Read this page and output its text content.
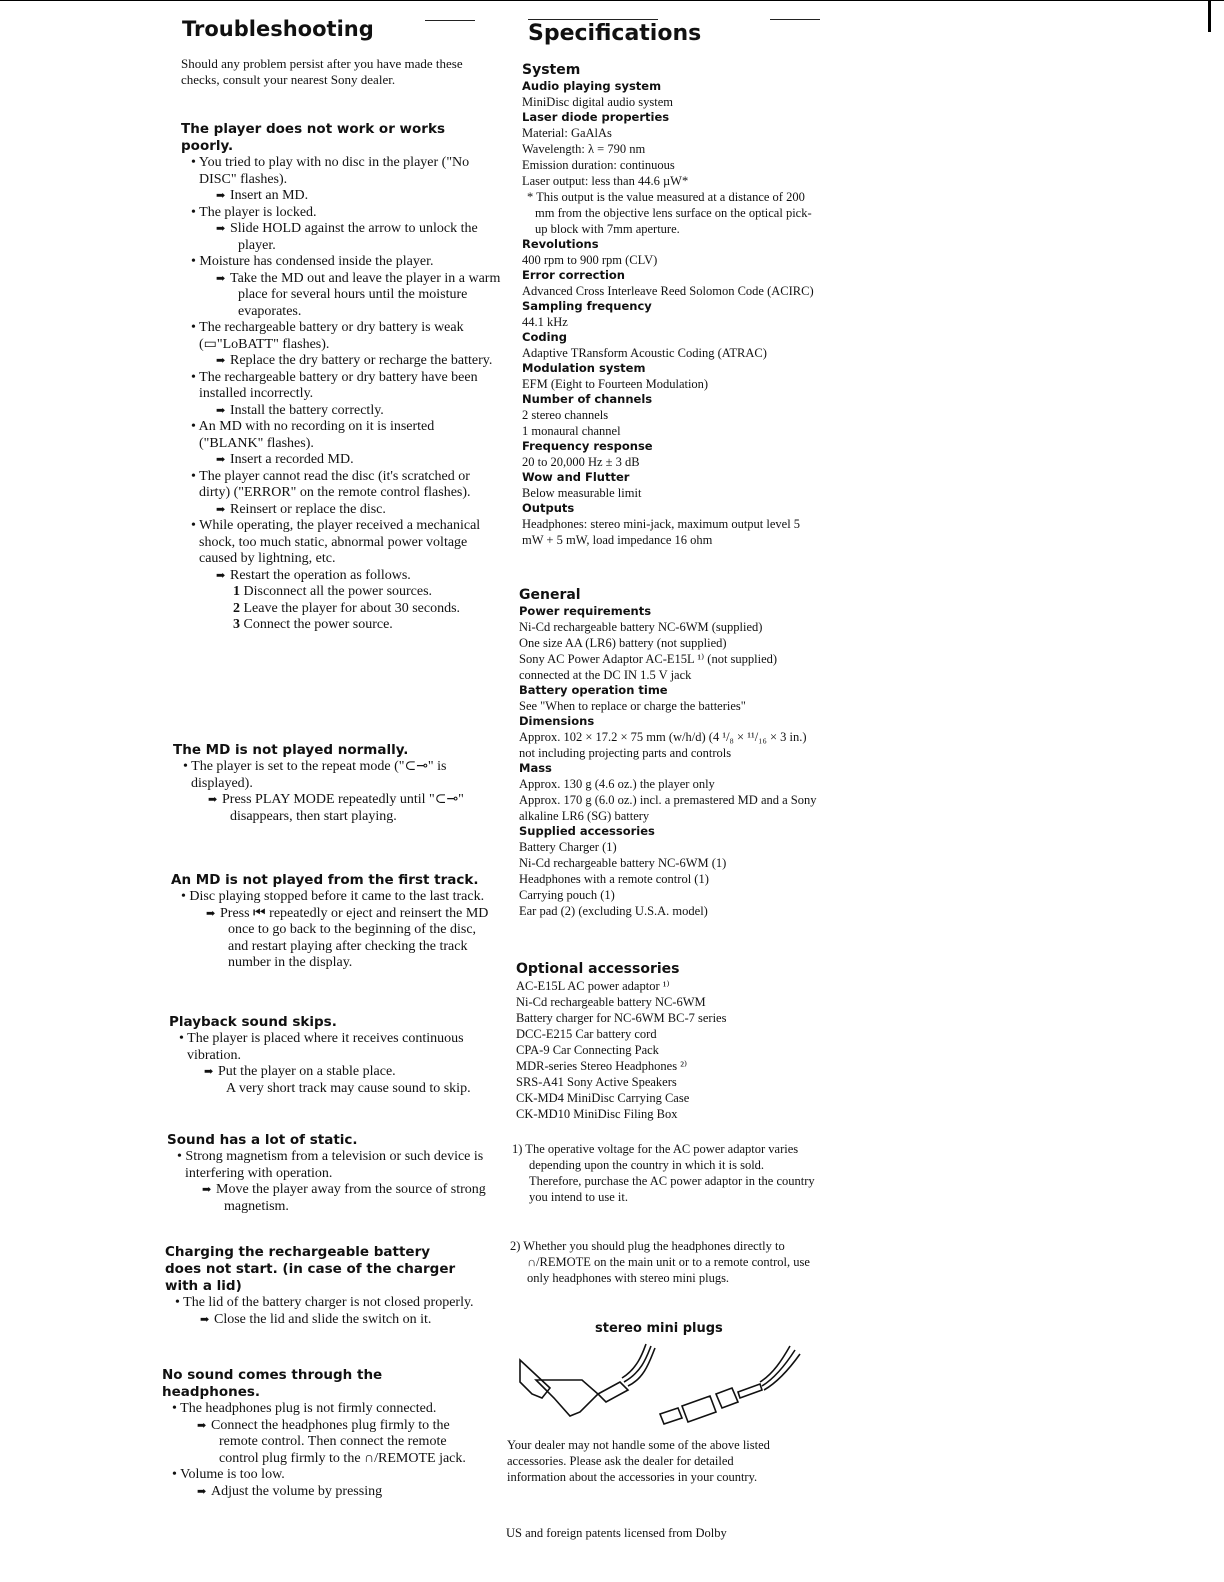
Troubleshooting
Should any problem persist after you have made these checks, consult your nearest Sony dealer.

The player does not work or works poorly.

• You tried to play with no disc in the player ("No DISC" flashes).

➡ Insert an MD.

• The player is locked.

➡ Slide HOLD against the arrow to unlock the player.

• Moisture has condensed inside the player.

➡ Take the MD out and leave the player in a warm place for several hours until the moisture evaporates.

• The rechargeable battery or dry battery is weak (▭"LoBATT" flashes).

➡ Replace the dry battery or recharge the battery.

• The rechargeable battery or dry battery have been installed incorrectly.

➡ Install the battery correctly.

• An MD with no recording on it is inserted ("BLANK" flashes).

➡ Insert a recorded MD.

• The player cannot read the disc (it's scratched or dirty) ("ERROR" on the remote control flashes).

➡ Reinsert or replace the disc.

• While operating, the player received a mechanical shock, too much static, abnormal power voltage caused by lightning, etc.

➡ Restart the operation as follows.

1 Disconnect all the power sources.

2 Leave the player for about 30 seconds.

3 Connect the power source.

The MD is not played normally.

• The player is set to the repeat mode ("⊂⊸" is displayed).

➡ Press PLAY MODE repeatedly until "⊂⊸" disappears, then start playing.

An MD is not played from the first track.

• Disc playing stopped before it came to the last track.

➡ Press ⏮ repeatedly or eject and reinsert the MD once to go back to the beginning of the disc, and restart playing after checking the track number in the display.

Playback sound skips.

• The player is placed where it receives continuous vibration.

➡ Put the player on a stable place.

A very short track may cause sound to skip.

Sound has a lot of static.

• Strong magnetism from a television or such device is interfering with operation.

➡ Move the player away from the source of strong magnetism.

Charging the rechargeable battery does not start. (in case of the charger with a lid)

• The lid of the battery charger is not closed properly.

➡ Close the lid and slide the switch on it.

No sound comes through the headphones.

• The headphones plug is not firmly connected.

➡ Connect the headphones plug firmly to the remote control. Then connect the remote control plug firmly to the ∩/REMOTE jack.

• Volume is too low.

➡ Adjust the volume by pressing

Specifications

System

Audio playing system

MiniDisc digital audio system

Laser diode properties

Material: GaAlAs

Wavelength: λ = 790 nm

Emission duration: continuous

Laser output: less than 44.6 µW*

* This output is the value measured at a distance of 200 mm from the objective lens surface on the optical pick-up block with 7mm aperture.

Revolutions

400 rpm to 900 rpm (CLV)

Error correction

Advanced Cross Interleave Reed Solomon Code (ACIRC)

Sampling frequency

44.1 kHz

Coding

Adaptive TRansform Acoustic Coding (ATRAC)

Modulation system

EFM (Eight to Fourteen Modulation)

Number of channels

2 stereo channels

1 monaural channel

Frequency response

20 to 20,000 Hz ± 3 dB

Wow and Flutter

Below measurable limit

Outputs

Headphones: stereo mini-jack, maximum output level 5 mW + 5 mW, load impedance 16 ohm

General

Power requirements

Ni-Cd rechargeable battery NC-6WM (supplied)

One size AA (LR6) battery (not supplied)

Sony AC Power Adaptor AC-E15L ¹⁾ (not supplied) connected at the DC IN 1.5 V jack

Battery operation time

See "When to replace or charge the batteries"

Dimensions

Approx. 102 × 17.2 × 75 mm (w/h/d) (4 ¹/₈ × ¹¹/₁₆ × 3 in.) not including projecting parts and controls

Mass

Approx. 130 g (4.6 oz.) the player only

Approx. 170 g (6.0 oz.) incl. a premastered MD and a Sony alkaline LR6 (SG) battery

Supplied accessories

Battery Charger (1)

Ni-Cd rechargeable battery NC-6WM (1)

Headphones with a remote control (1)

Carrying pouch (1)

Ear pad (2) (excluding U.S.A. model)

Optional accessories

AC-E15L AC power adaptor ¹⁾

Ni-Cd rechargeable battery NC-6WM

Battery charger for NC-6WM BC-7 series

DCC-E215 Car battery cord

CPA-9 Car Connecting Pack

MDR-series Stereo Headphones ²⁾

SRS-A41 Sony Active Speakers

CK-MD4 MiniDisc Carrying Case

CK-MD10 MiniDisc Filing Box

1) The operative voltage for the AC power adaptor varies depending upon the country in which it is sold. Therefore, purchase the AC power adaptor in the country you intend to use it.
2) Whether you should plug the headphones directly to ∩/REMOTE on the main unit or to a remote control, use only headphones with stereo mini plugs.
stereo mini plugs
Your dealer may not handle some of the above listed accessories. Please ask the dealer for detailed information about the accessories in your country.
US and foreign patents licensed from Dolby
